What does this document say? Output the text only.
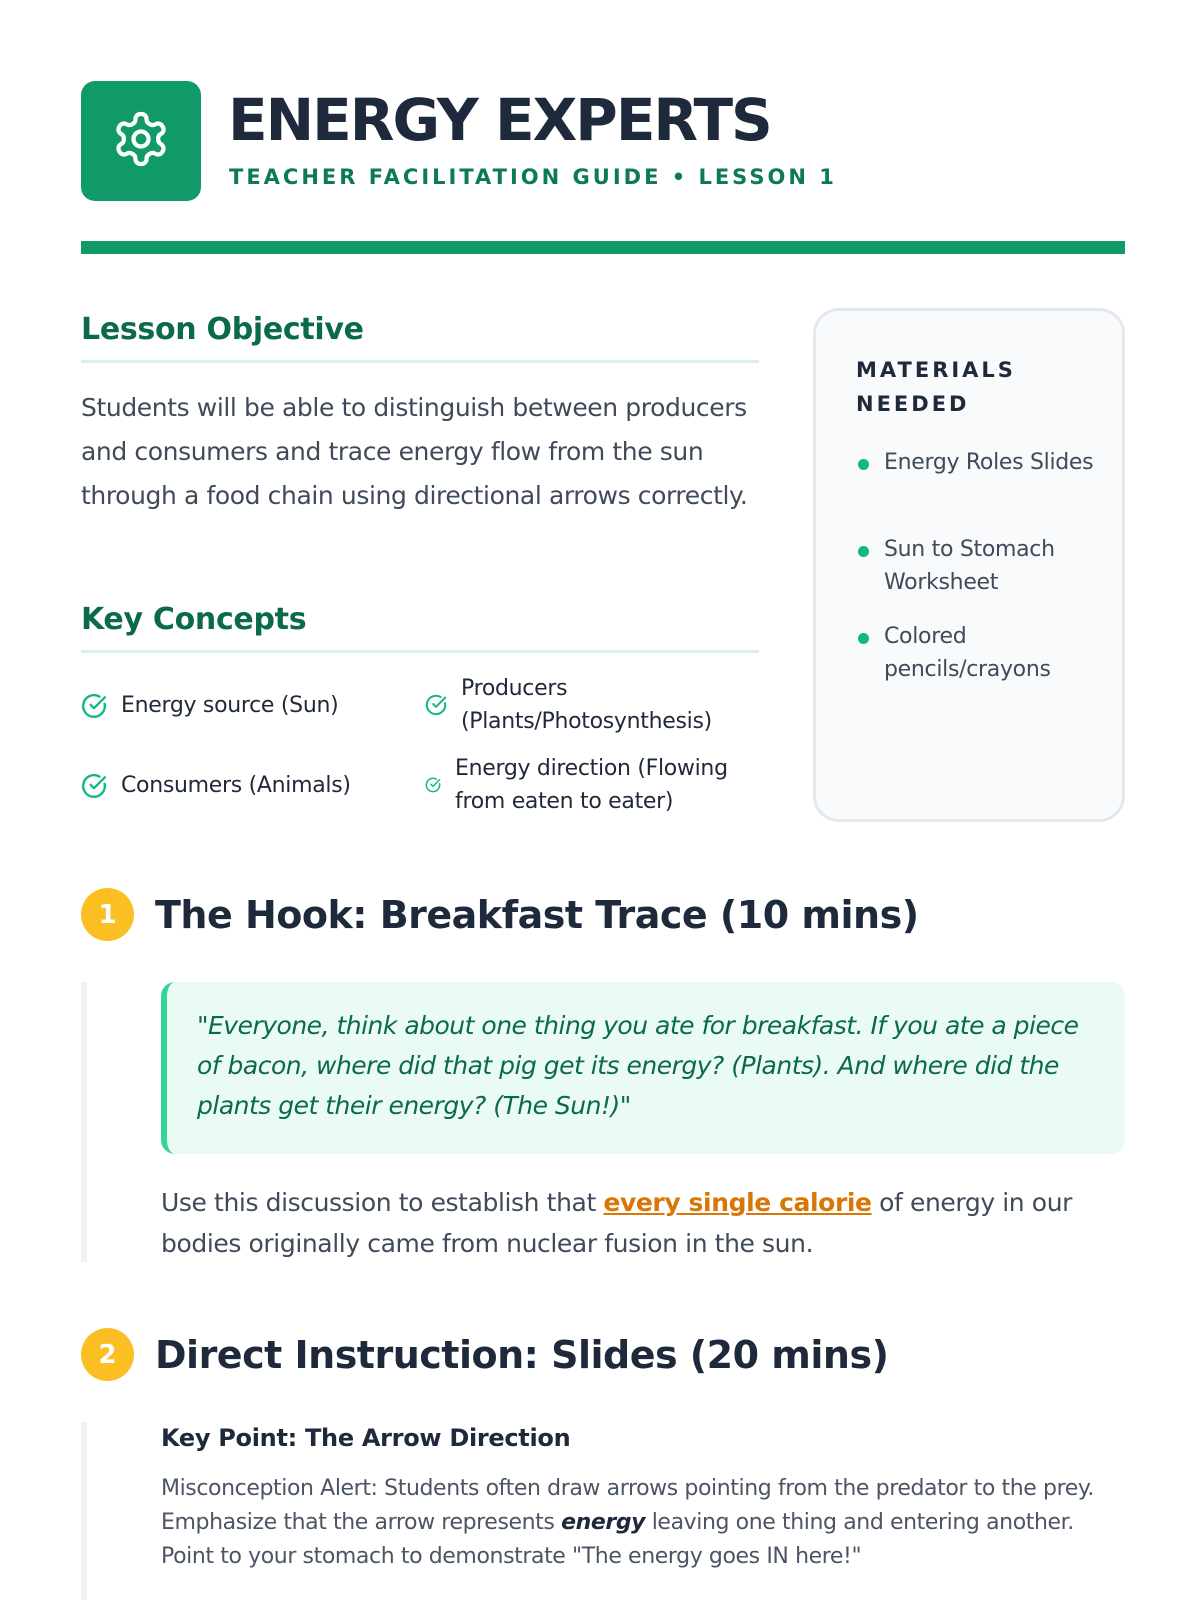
ENERGY EXPERTS
TEACHER FACILITATION GUIDE • LESSON 1
Lesson Objective
Students will be able to distinguish between producers and consumers and trace energy flow from the sun through a food chain using directional arrows correctly.
Key Concepts
Energy source (Sun)
Producers (Plants/Photosynthesis)
Consumers (Animals)
Energy direction (Flowing from eaten to eater)
MATERIALS NEEDED
Energy Roles Slides
Sun to Stomach Worksheet
Colored pencils/crayons
1	The Hook: Breakfast Trace (10 mins)
"Everyone, think about one thing you ate for breakfast. If you ate a piece of bacon, where did that pig get its energy? (Plants). And where did the plants get their energy? (The Sun!)"
Use this discussion to establish that every single calorie of energy in our bodies originally came from nuclear fusion in the sun.
2	Direct Instruction: Slides (20 mins)
Key Point: The Arrow Direction
Misconception Alert: Students often draw arrows pointing from the predator to the prey. Emphasize that the arrow represents energy leaving one thing and entering another. Point to your stomach to demonstrate "The energy goes IN here!"
